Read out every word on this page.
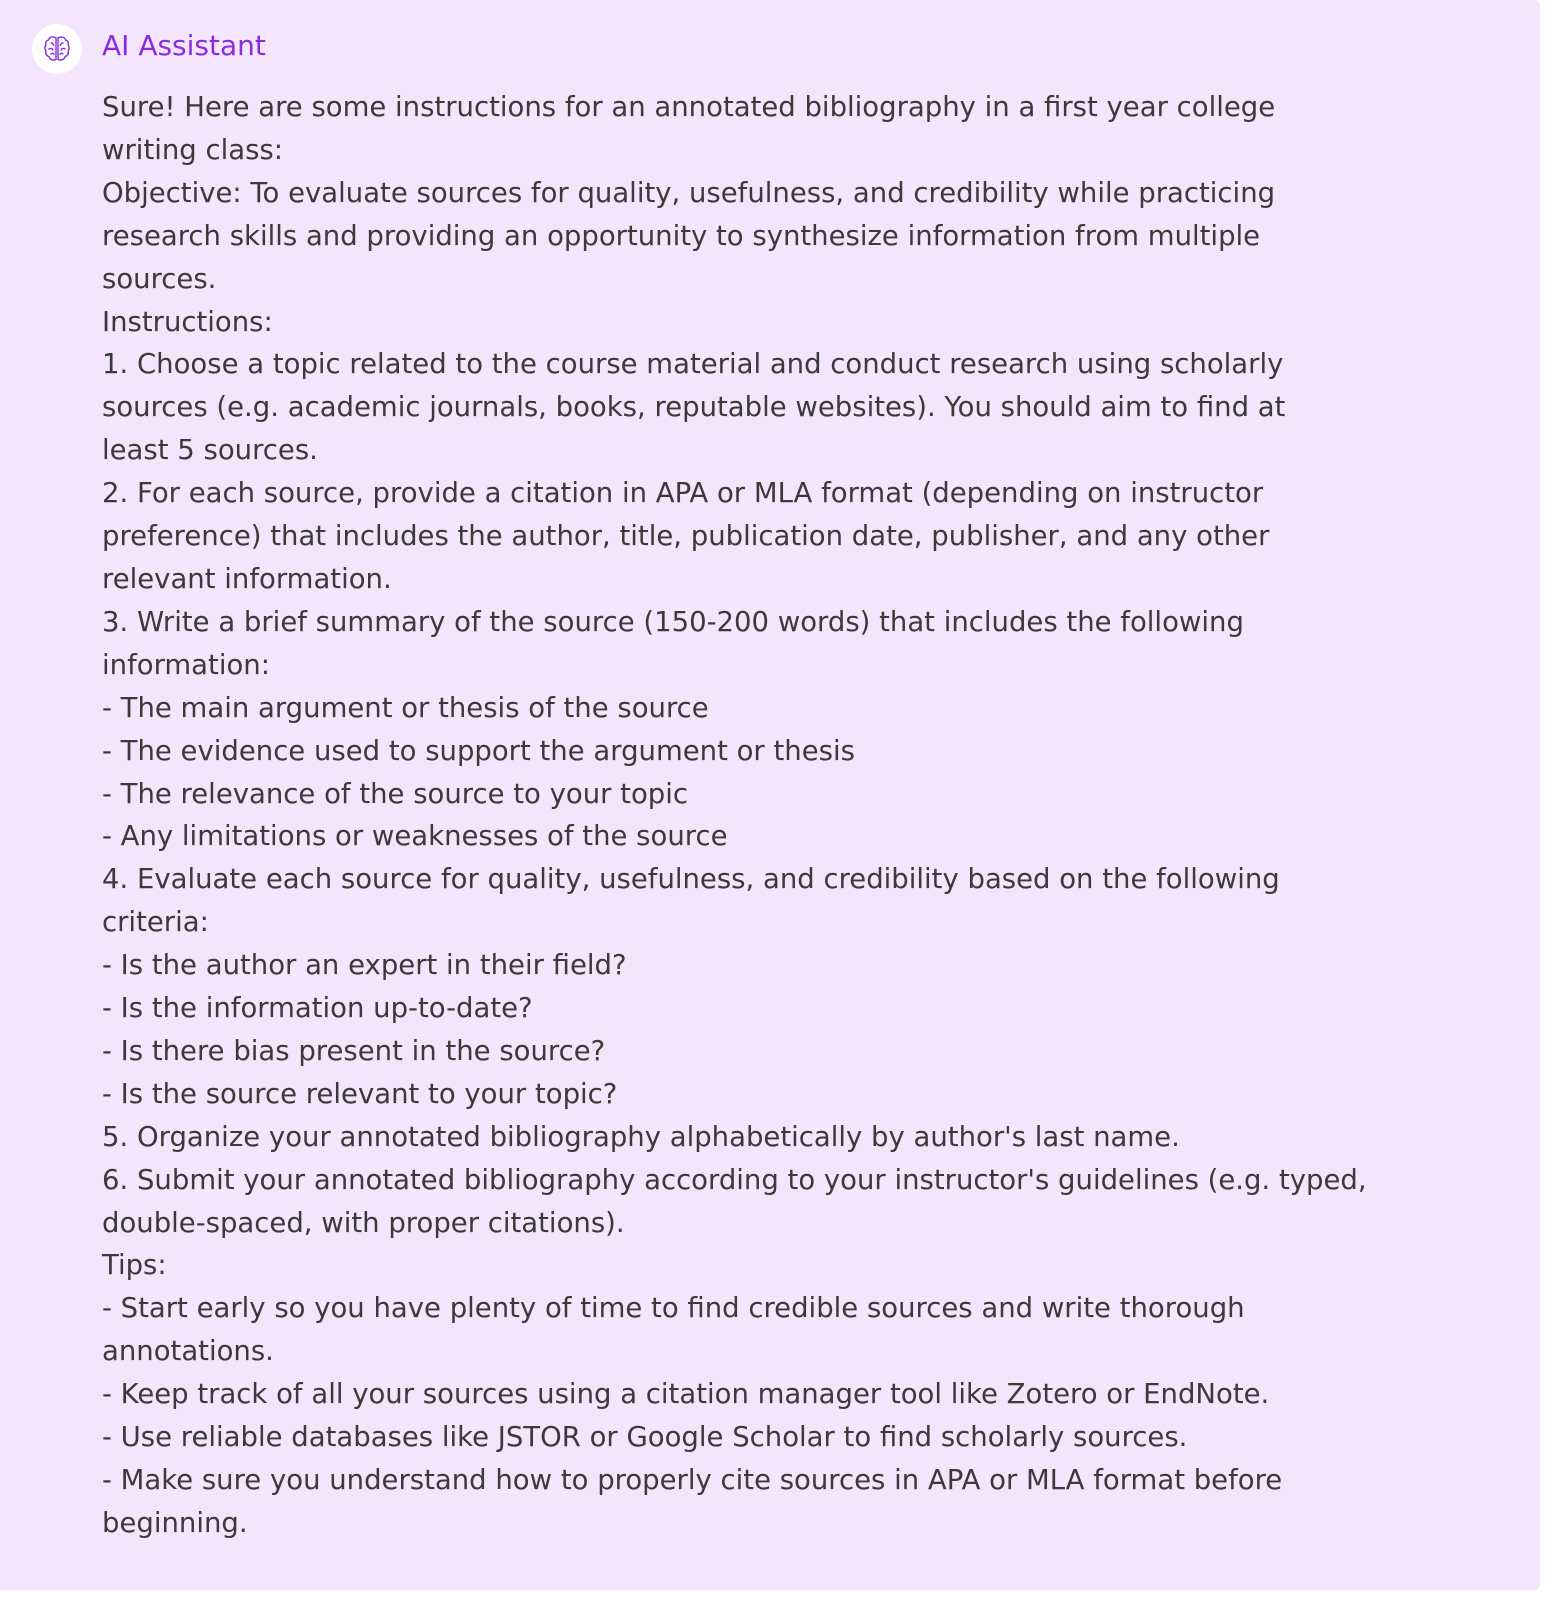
AI Assistant
Sure! Here are some instructions for an annotated bibliography in a first year college
writing class:
Objective: To evaluate sources for quality, usefulness, and credibility while practicing
research skills and providing an opportunity to synthesize information from multiple
sources.
Instructions:
1. Choose a topic related to the course material and conduct research using scholarly
sources (e.g. academic journals, books, reputable websites). You should aim to find at
least 5 sources.
2. For each source, provide a citation in APA or MLA format (depending on instructor
preference) that includes the author, title, publication date, publisher, and any other
relevant information.
3. Write a brief summary of the source (150-200 words) that includes the following
information:
- The main argument or thesis of the source
- The evidence used to support the argument or thesis
- The relevance of the source to your topic
- Any limitations or weaknesses of the source
4. Evaluate each source for quality, usefulness, and credibility based on the following
criteria:
- Is the author an expert in their field?
- Is the information up-to-date?
- Is there bias present in the source?
- Is the source relevant to your topic?
5. Organize your annotated bibliography alphabetically by author's last name.
6. Submit your annotated bibliography according to your instructor's guidelines (e.g. typed,
double-spaced, with proper citations).
Tips:
- Start early so you have plenty of time to find credible sources and write thorough
annotations.
- Keep track of all your sources using a citation manager tool like Zotero or EndNote.
- Use reliable databases like JSTOR or Google Scholar to find scholarly sources.
- Make sure you understand how to properly cite sources in APA or MLA format before
beginning.
